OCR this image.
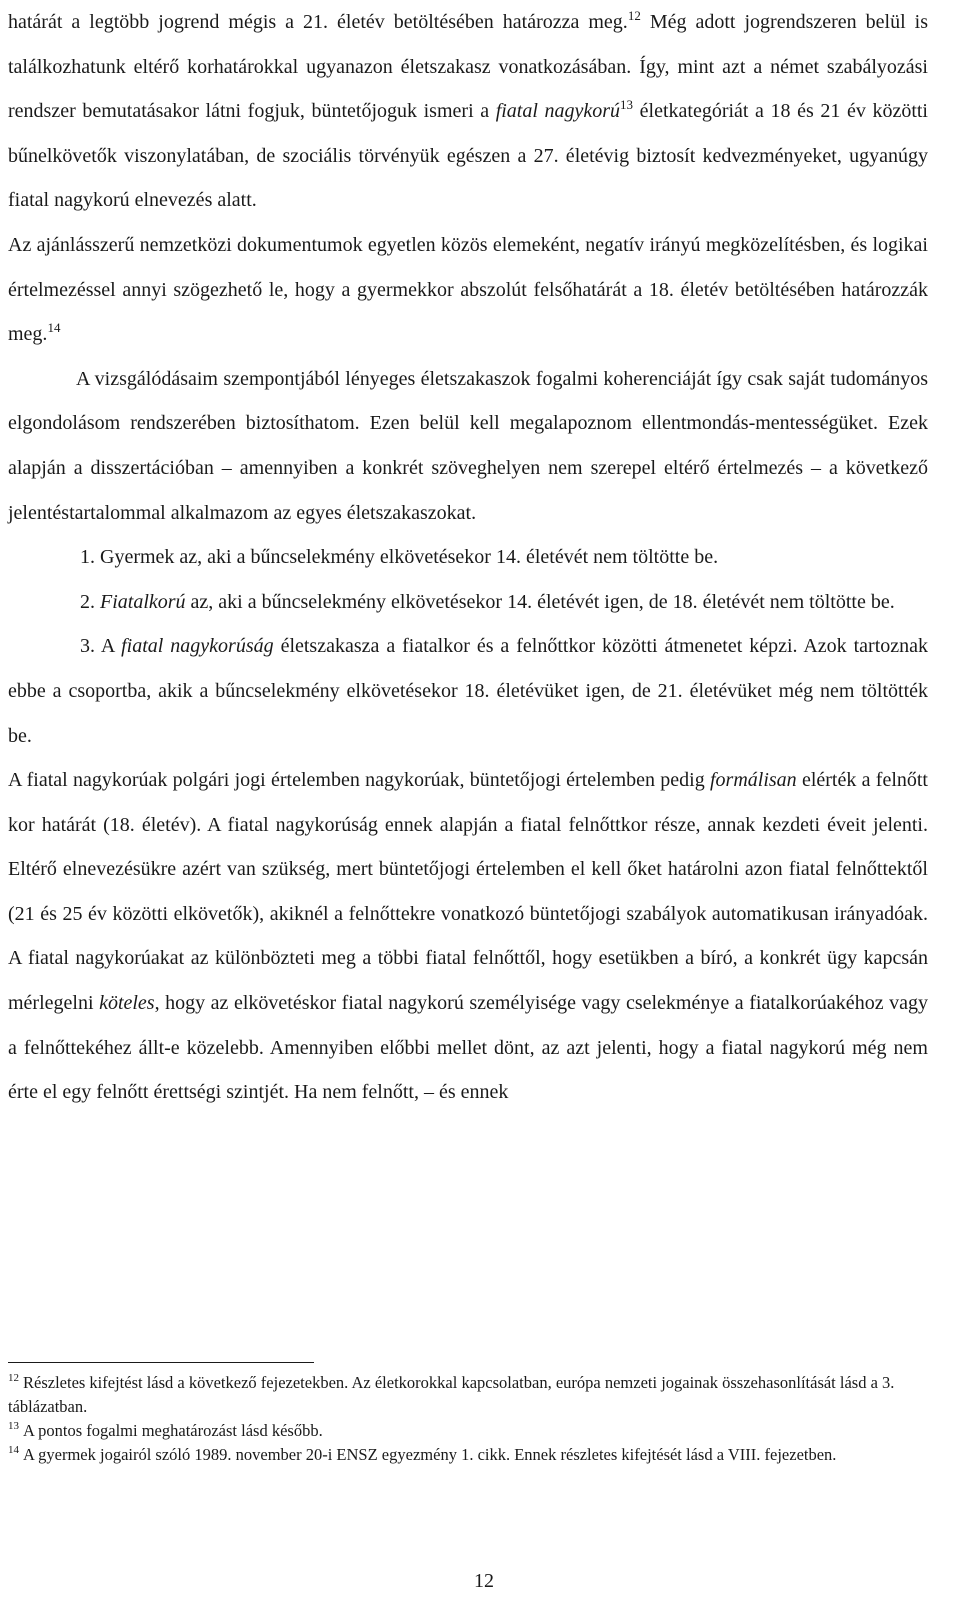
határát a legtöbb jogrend mégis a 21. életév betöltésében határozza meg.$^{12}$ Még adott jogrendszeren belül is találkozhatunk eltérő korhatárokkal ugyanazon életszakasz vonatkozásában. Így, mint azt a német szabályozási rendszer bemutatásakor látni fogjuk, büntetőjoguk ismeri a fiatal nagykorú$^{13}$ életkategóriát a 18 és 21 év közötti bűnelkövetők viszonylatában, de szociális törvényük egészen a 27. életévig biztosít kedvezményeket, ugyanúgy fiatal nagykorú elnevezés alatt.

Az ajánlásszerű nemzetközi dokumentumok egyetlen közös elemeként, negatív irányú megközelítésben, és logikai értelmezéssel annyi szögezhető le, hogy a gyermekkor abszolút felsőhatárát a 18. életév betöltésében határozzák meg.$^{14}$

A vizsgálódásaim szempontjából lényeges életszakaszok fogalmi koherenciáját így csak saját tudományos elgondolásom rendszerében biztosíthatom. Ezen belül kell megalapoznom ellentmondás-mentességüket. Ezek alapján a disszertációban – amennyiben a konkrét szöveghelyen nem szerepel eltérő értelmezés – a következő jelentéstartalommal alkalmazom az egyes életszakaszokat.

1. Gyermek az, aki a bűncselekmény elkövetésekor 14. életévét nem töltötte be.

2. Fiatalkorú az, aki a bűncselekmény elkövetésekor 14. életévét igen, de 18. életévét nem töltötte be.

3. A fiatal nagykorúság életszakasza a fiatalkor és a felnőttkor közötti átmenetet képzi. Azok tartoznak ebbe a csoportba, akik a bűncselekmény elkövetésekor 18. életévüket igen, de 21. életévüket még nem töltötték be.

A fiatal nagykorúak polgári jogi értelemben nagykorúak, büntetőjogi értelemben pedig formálisan elérték a felnőtt kor határát (18. életév). A fiatal nagykorúság ennek alapján a fiatal felnőttkor része, annak kezdeti éveit jelenti. Eltérő elnevezésükre azért van szükség, mert büntetőjogi értelemben el kell őket határolni azon fiatal felnőttektől (21 és 25 év közötti elkövetők), akiknél a felnőttekre vonatkozó büntetőjogi szabályok automatikusan irányadóak. A fiatal nagykorúakat az különbözteti meg a többi fiatal felnőttől, hogy esetükben a bíró, a konkrét ügy kapcsán mérlegelni köteles, hogy az elkövetéskor fiatal nagykorú személyisége vagy cselekménye a fiatalkorúakéhoz vagy a felnőttekéhez állt-e közelebb. Amennyiben előbbi mellet dönt, az azt jelenti, hogy a fiatal nagykorú még nem érte el egy felnőtt érettségi szintjét. Ha nem felnőtt, – és ennek

$^{12}$ Részletes kifejtést lásd a következő fejezetekben. Az életkorokkal kapcsolatban, európa nemzeti jogainak összehasonlítását lásd a 3. táblázatban.

$^{13}$ A pontos fogalmi meghatározást lásd később.

$^{14}$ A gyermek jogairól szóló 1989. november 20-i ENSZ egyezmény 1. cikk. Ennek részletes kifejtését lásd a VIII. fejezetben.

12
